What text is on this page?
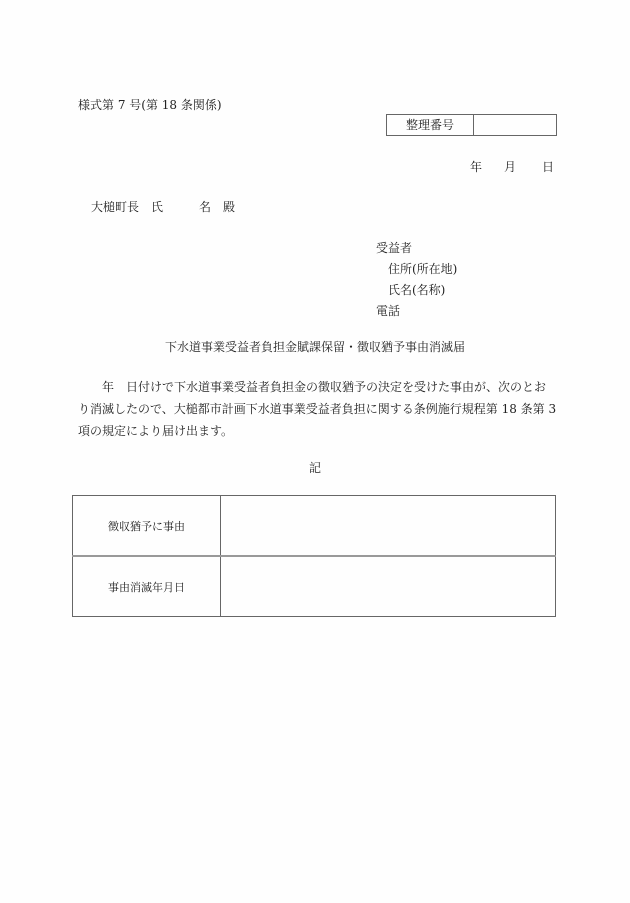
様式第 7 号(第 18 条関係)
整理番号
年 月 日
大槌町長 氏	名 殿
受益者
住所(所在地)
氏名(名称)
電話
下水道事業受益者負担金賦課保留・徴収猶予事由消滅届
　　年　日付けで下水道事業受益者負担金の徴収猶予の決定を受けた事由が、次のとお
り消滅したので、大槌都市計画下水道事業受益者負担に関する条例施行規程第 18 条第 3
項の規定により届け出ます。
記
徴収猶予に事由	
事由消滅年月日	
